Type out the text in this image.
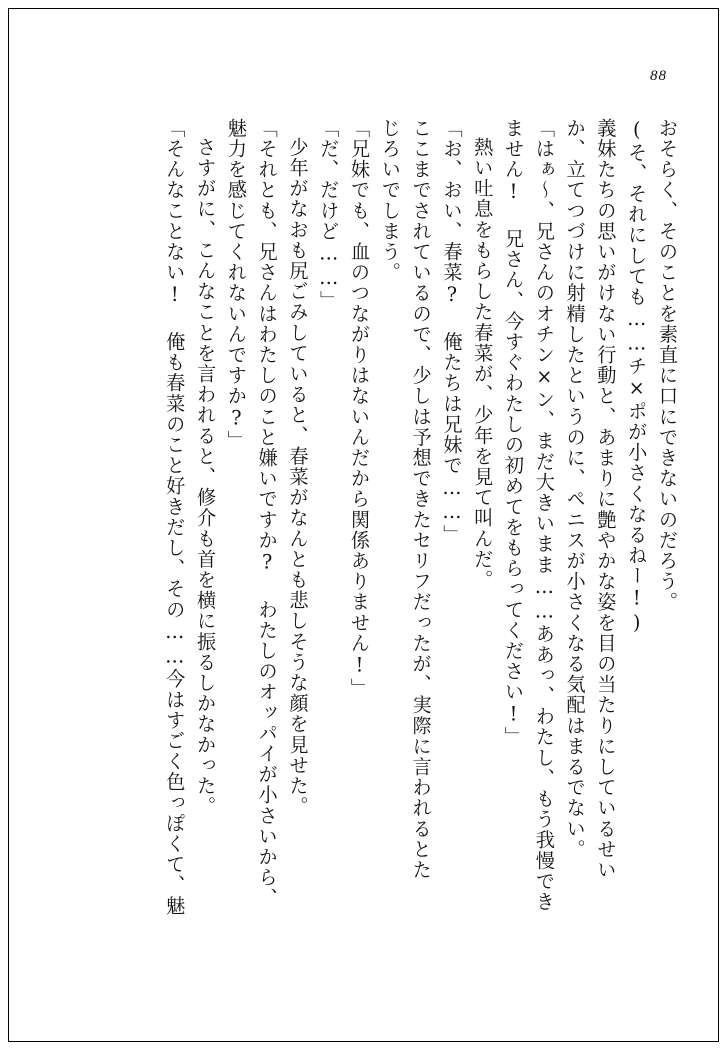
88
おそらく、そのことを素直に口にできないのだろう。
(そ、それにしても……チ×ポが小さくなるねー!)
義妹たちの思いがけない行動と、あまりに艶やかな姿を目の当たりにしているせい
か、立てつづけに射精したというのに、ペニスが小さくなる気配はまるでない。
「はぁ〜、兄さんのオチン×ン、まだ大きいまま……ああっ、わたし、もう我慢でき
ません! 兄さん、今すぐわたしの初めてをもらってください!」
熱い吐息をもらした春菜が、少年を見て叫んだ。
「お、おい、春菜? 俺たちは兄妹で……」
ここまでされているので、少しは予想できたセリフだったが、実際に言われるとた
じろいでしまう。
「兄妹でも、血のつながりはないんだから関係ありません!」
「だ、だけど……」
少年がなおも尻ごみしていると、春菜がなんとも悲しそうな顔を見せた。
「それとも、兄さんはわたしのこと嫌いですか? わたしのオッパイが小さいから、
魅力を感じてくれないんですか?」
さすがに、こんなことを言われると、修介も首を横に振るしかなかった。
「そんなことない! 俺も春菜のこと好きだし、その……今はすごく色っぽくて、魅
